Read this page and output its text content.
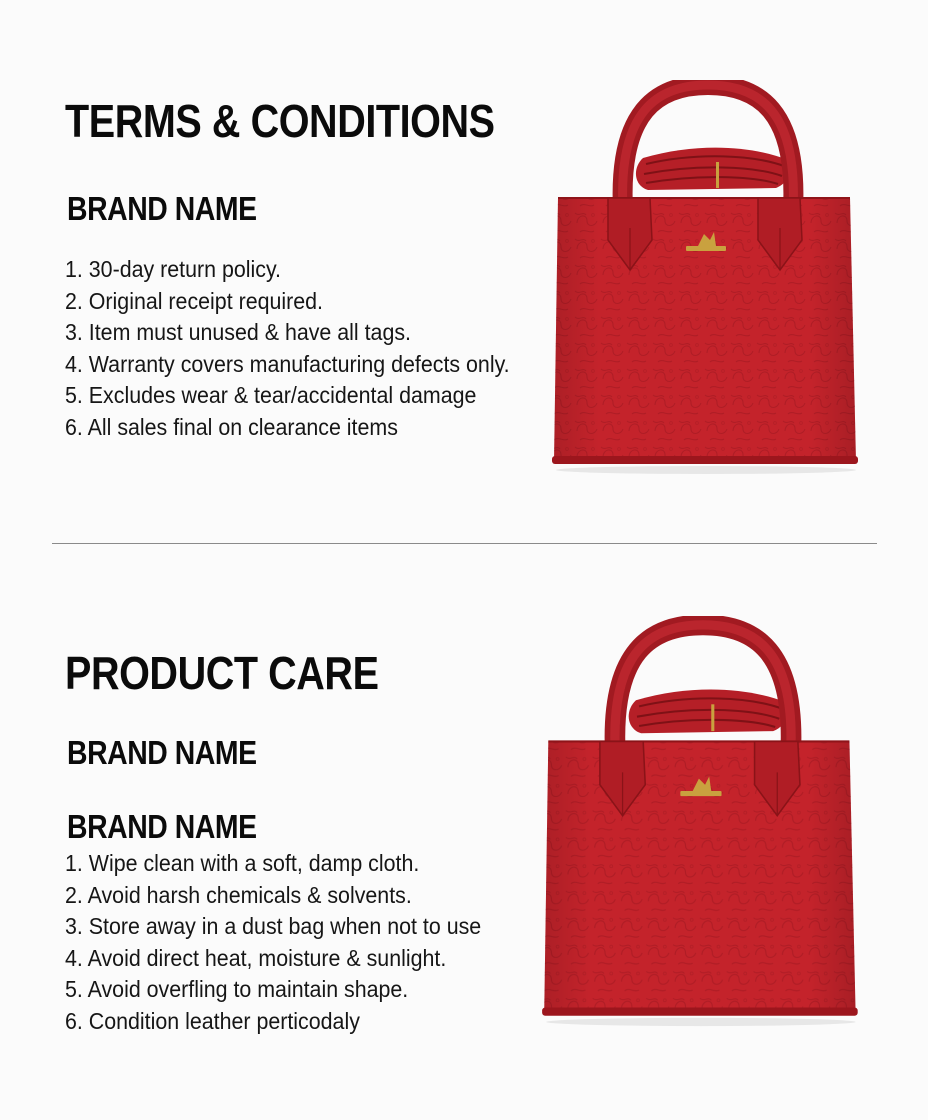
TERMS & CONDITIONS
BRAND NAME
1. 30-day return policy.
2. Original receipt required.
3. Item must unused & have all tags.
4. Warranty covers manufacturing defects only.
5. Excludes wear & tear/accidental damage
6. All sales final on clearance items
PRODUCT CARE
BRAND NAME
BRAND NAME
1. Wipe clean with a soft, damp cloth.
2. Avoid harsh chemicals & solvents.
3. Store away in a dust bag when not to use
4. Avoid direct heat, moisture & sunlight.
5. Avoid overfling to maintain shape.
6. Condition leather perticodaly
